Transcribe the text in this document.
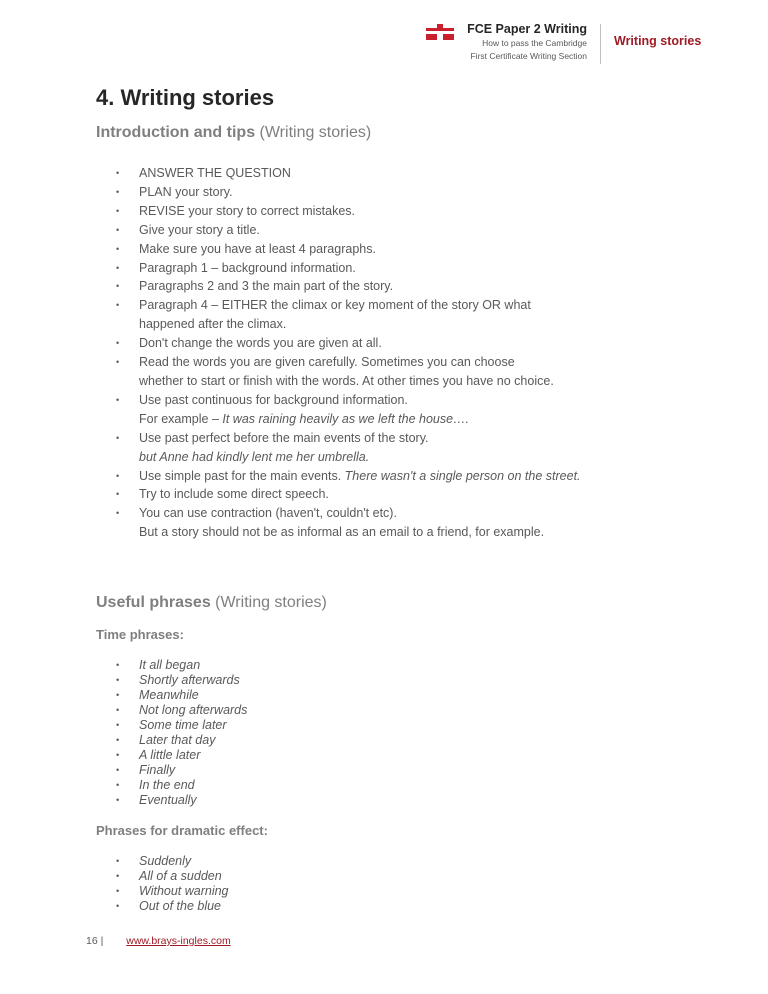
FCE Paper 2 Writing
How to pass the Cambridge
First Certificate Writing Section
Writing stories
4. Writing stories
Introduction and tips (Writing stories)
• ANSWER THE QUESTION
• PLAN your story.
• REVISE your story to correct mistakes.
• Give your story a title.
• Make sure you have at least 4 paragraphs.
• Paragraph 1 – background information.
• Paragraphs 2 and 3 the main part of the story.
• Paragraph 4 – EITHER the climax or key moment of the story OR what
happened after the climax.
• Don't change the words you are given at all.
• Read the words you are given carefully. Sometimes you can choose
whether to start or finish with the words. At other times you have no choice.
• Use past continuous for background information.
For example – It was raining heavily as we left the house….
• Use past perfect before the main events of the story.
but Anne had kindly lent me her umbrella.
• Use simple past for the main events. There wasn't a single person on the street.
• Try to include some direct speech.
• You can use contraction (haven't, couldn't etc).
But a story should not be as informal as an email to a friend, for example.
Useful phrases (Writing stories)
Time phrases:
• It all began
• Shortly afterwards
• Meanwhile
• Not long afterwards
• Some time later
• Later that day
• A little later
• Finally
• In the end
• Eventually
Phrases for dramatic effect:
• Suddenly
• All of a sudden
• Without warning
• Out of the blue
16 | www.brays-ingles.com
